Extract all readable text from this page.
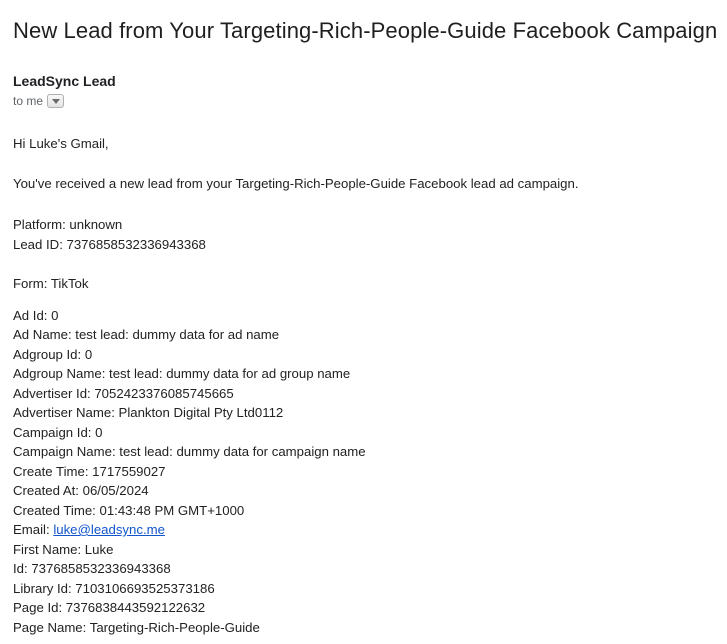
New Lead from Your Targeting-Rich-People-Guide Facebook Campaign
LeadSync Lead
to me
Hi Luke's Gmail,
You've received a new lead from your Targeting-Rich-People-Guide Facebook lead ad campaign.
Platform: unknown
Lead ID: 7376858532336943368
Form: TikTok
Ad Id: 0
Ad Name: test lead: dummy data for ad name
Adgroup Id: 0
Adgroup Name: test lead: dummy data for ad group name
Advertiser Id: 7052423376085745665
Advertiser Name: Plankton Digital Pty Ltd0112
Campaign Id: 0
Campaign Name: test lead: dummy data for campaign name
Create Time: 1717559027
Created At: 06/05/2024
Created Time: 01:43:48 PM GMT+1000
Email: luke@leadsync.me
First Name: Luke
Id: 7376858532336943368
Library Id: 7103106693525373186
Page Id: 7376838443592122632
Page Name: Targeting-Rich-People-Guide
